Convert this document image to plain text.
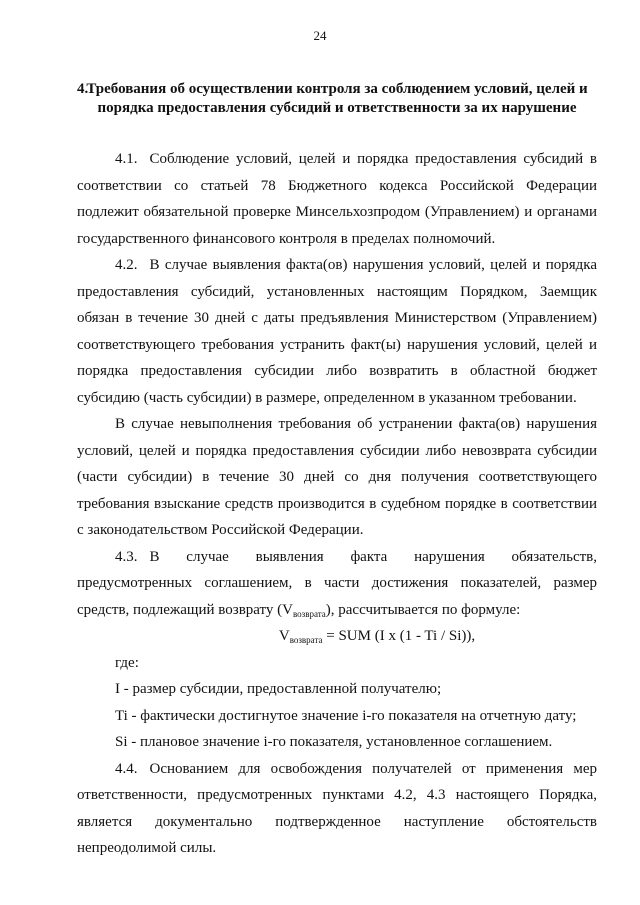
24
4.
Требования об осуществлении контроля за соблюдением условий, целей и порядка предоставления субсидий и ответственности за их нарушение

4.1. Соблюдение условий, целей и порядка предоставления субсидий в соответствии со статьей 78 Бюджетного кодекса Российской Федерации подлежит обязательной проверке Минсельхозпродом (Управлением) и органами государственного финансового контроля в пределах полномочий.

4.2. В случае выявления факта(ов) нарушения условий, целей и порядка предоставления субсидий, установленных настоящим Порядком, Заемщик обязан в течение 30 дней с даты предъявления Министерством (Управлением) соответствующего требования устранить факт(ы) нарушения условий, целей и порядка предоставления субсидии либо возвратить в областной бюджет субсидию (часть субсидии) в размере, определенном в указанном требовании.

В случае невыполнения требования об устранении факта(ов) нарушения условий, целей и порядка предоставления субсидии либо невозврата субсидии (части субсидии) в течение 30 дней со дня получения соответствующего требования взыскание средств производится в судебном порядке в соответствии с законодательством Российской Федерации.

4.3. В случае выявления факта нарушения обязательств, предусмотренных соглашением, в части достижения показателей, размер средств, подлежащий возврату $(V_{возврата})$, рассчитывается по формуле:

$V_{возврата}$ = SUM (I x (1 - Ti / Si)),

где:

I - размер субсидии, предоставленной получателю;

Ti - фактически достигнутое значение i-го показателя на отчетную дату;

Si - плановое значение i-го показателя, установленное соглашением.

4.4. Основанием для освобождения получателей от применения мер ответственности, предусмотренных пунктами 4.2, 4.3 настоящего Порядка, является документально подтвержденное наступление обстоятельств непреодолимой силы.
